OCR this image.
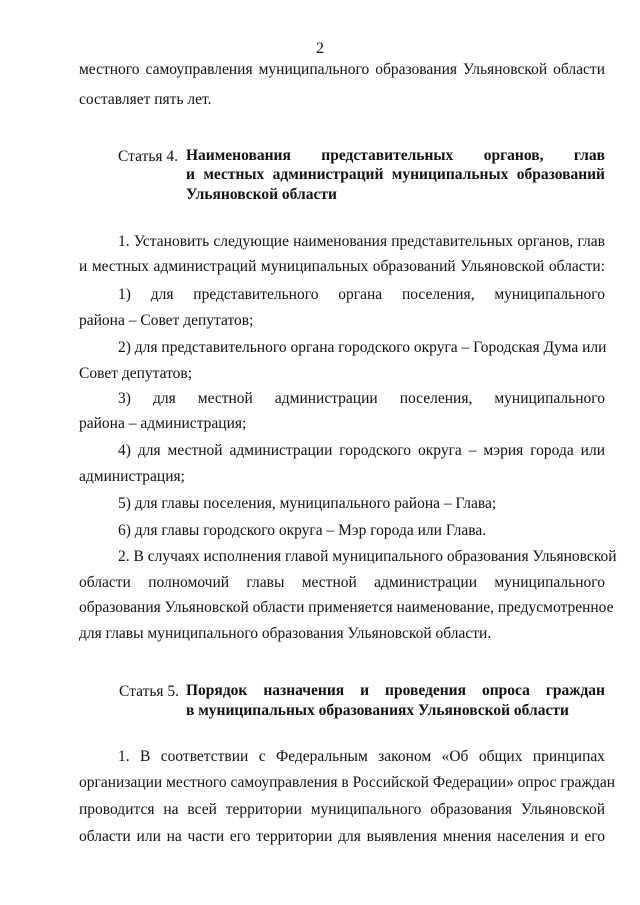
2
местного самоуправления муниципального образования Ульяновской области
составляет пять лет.
Статья 4. Наименования представительных органов, глав
и местных администраций муниципальных образований
Ульяновской области
1. Установить следующие наименования представительных органов, глав
и местных администраций муниципальных образований Ульяновской области:
1) для представительного органа поселения, муниципального
района – Совет депутатов;
2) для представительного органа городского округа – Городская Дума или
Совет депутатов;
3) для местной администрации поселения, муниципального
района – администрация;
4) для местной администрации городского округа – мэрия города или
администрация;
5) для главы поселения, муниципального района – Глава;
6) для главы городского округа – Мэр города или Глава.
2. В случаях исполнения главой муниципального образования Ульяновской
области полномочий главы местной администрации муниципального
образования Ульяновской области применяется наименование, предусмотренное
для главы муниципального образования Ульяновской области.
Статья 5. Порядок назначения и проведения опроса граждан
в муниципальных образованиях Ульяновской области
1. В соответствии с Федеральным законом «Об общих принципах
организации местного самоуправления в Российской Федерации» опрос граждан
проводится на всей территории муниципального образования Ульяновской
области или на части его территории для выявления мнения населения и его
